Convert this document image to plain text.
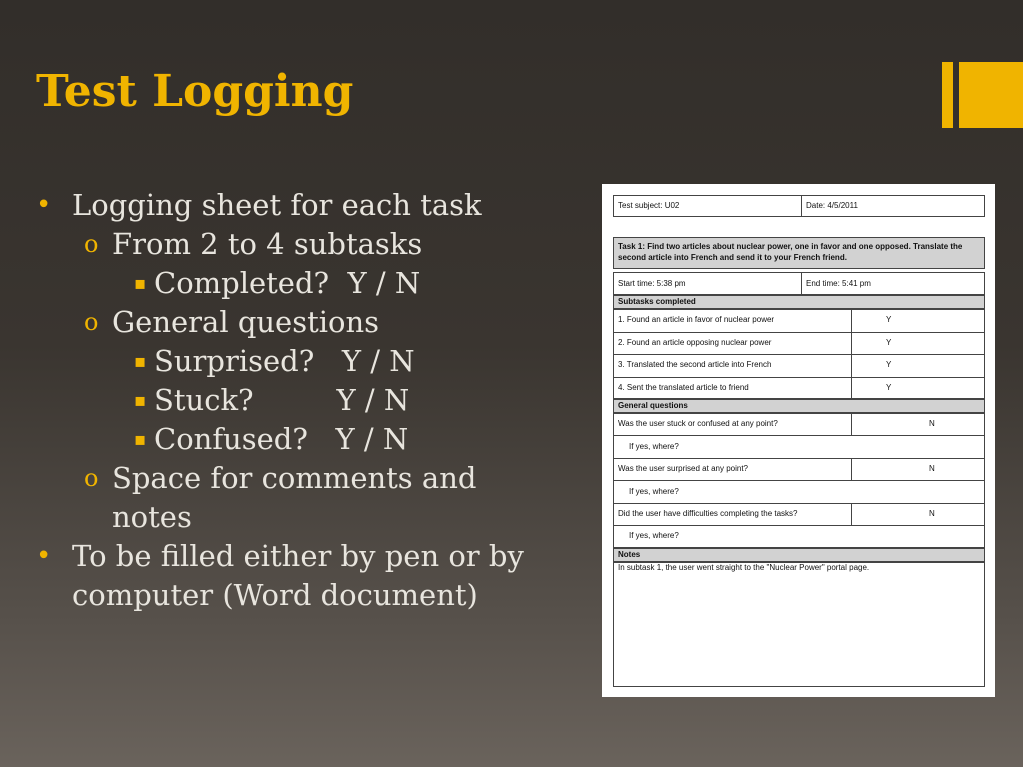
Test Logging
• Logging sheet for each task
o From 2 to 4 subtasks
▪ Completed?  Y / N
o General questions
▪ Surprised?   Y / N
▪ Stuck?         Y / N
▪ Confused?   Y / N
o Space for comments and notes
• To be filled either by pen or by computer (Word document)
Test subject: U02	Date: 4/5/2011
Task 1: Find two articles about nuclear power, one in favor and one opposed. Translate the second article into French and send it to your French friend.
Start time: 5:38 pm	End time: 5:41 pm
Subtasks completed
1. Found an article in favor of nuclear power	Y
2. Found an article opposing nuclear power	Y
3. Translated the second article into French	Y
4. Sent the translated article to friend	Y
General questions
Was the user stuck or confused at any point?	N
If yes, where?
Was the user surprised at any point?	N
If yes, where?
Did the user have difficulties completing the tasks?	N
If yes, where?
Notes
In subtask 1, the user went straight to the "Nuclear Power" portal page.
